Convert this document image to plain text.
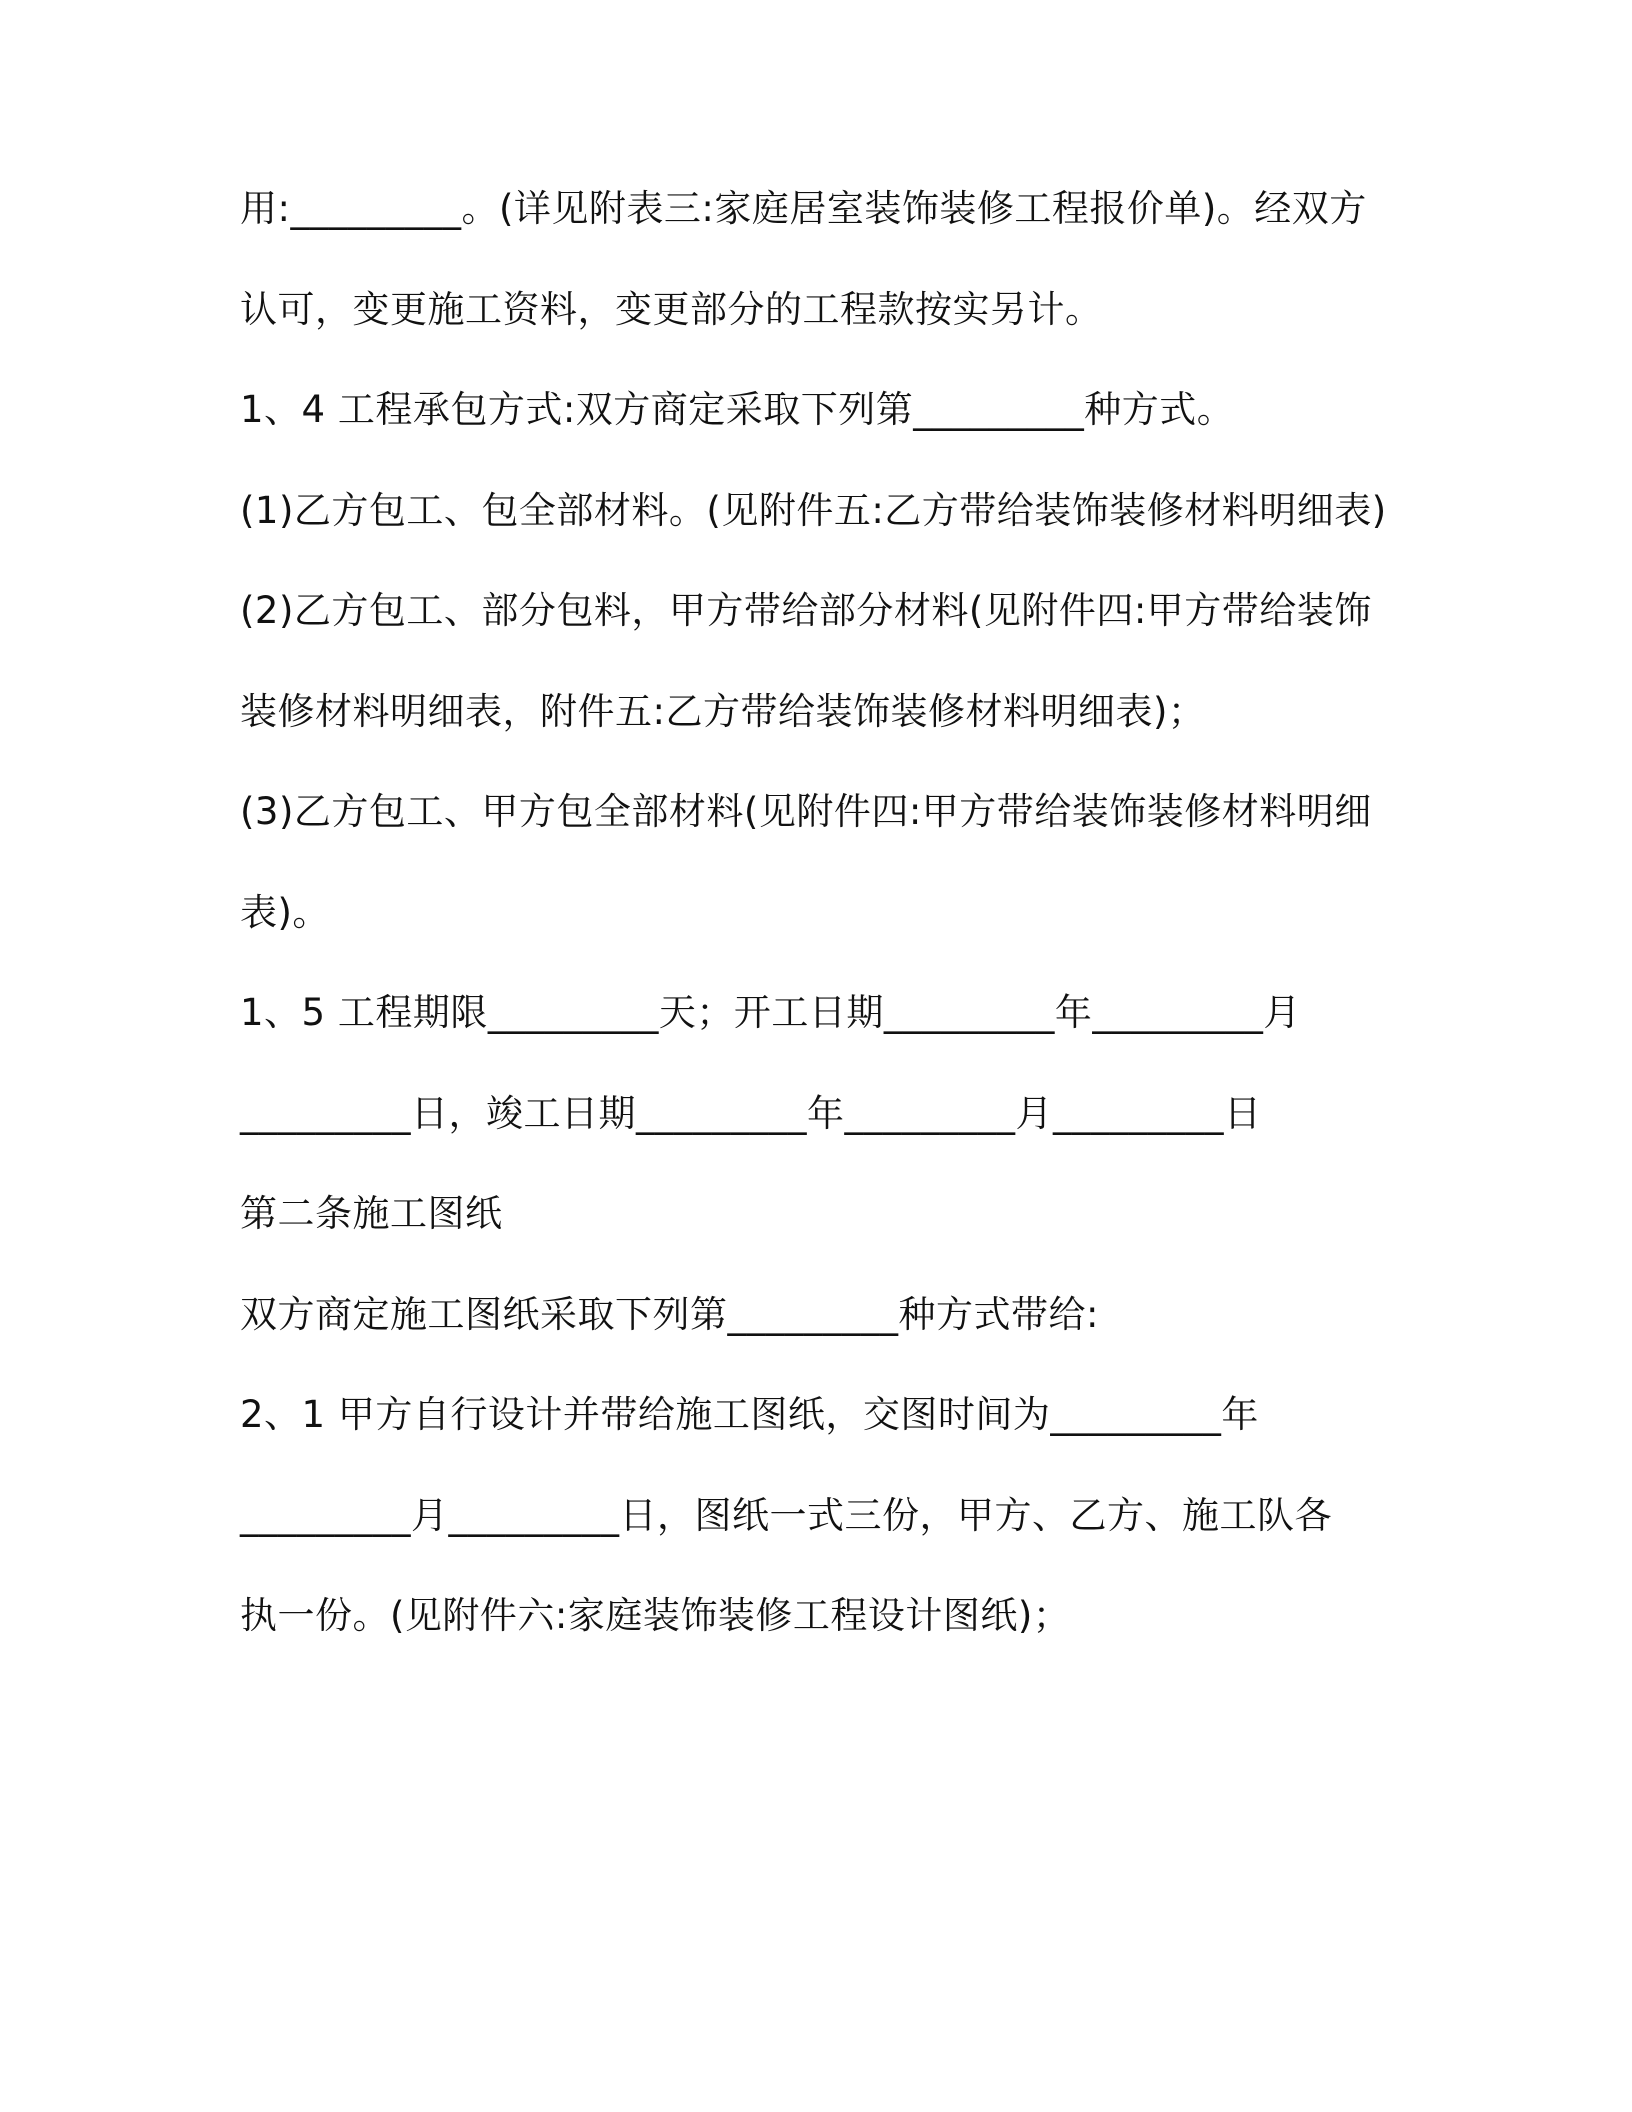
用:_________。(详见附表三:家庭居室装饰装修工程报价单)。经双方
认可，变更施工资料，变更部分的工程款按实另计。
1、4 工程承包方式:双方商定采取下列第_________种方式。
(1)乙方包工、包全部材料。(见附件五:乙方带给装饰装修材料明细表)
(2)乙方包工、部分包料，甲方带给部分材料(见附件四:甲方带给装饰
装修材料明细表，附件五:乙方带给装饰装修材料明细表)；
(3)乙方包工、甲方包全部材料(见附件四:甲方带给装饰装修材料明细
表)。
1、5 工程期限_________天；开工日期_________年_________月
_________日，竣工日期_________年_________月_________日
第二条施工图纸
双方商定施工图纸采取下列第_________种方式带给:
2、1 甲方自行设计并带给施工图纸，交图时间为_________年
_________月_________日，图纸一式三份，甲方、乙方、施工队各
执一份。(见附件六:家庭装饰装修工程设计图纸)；
